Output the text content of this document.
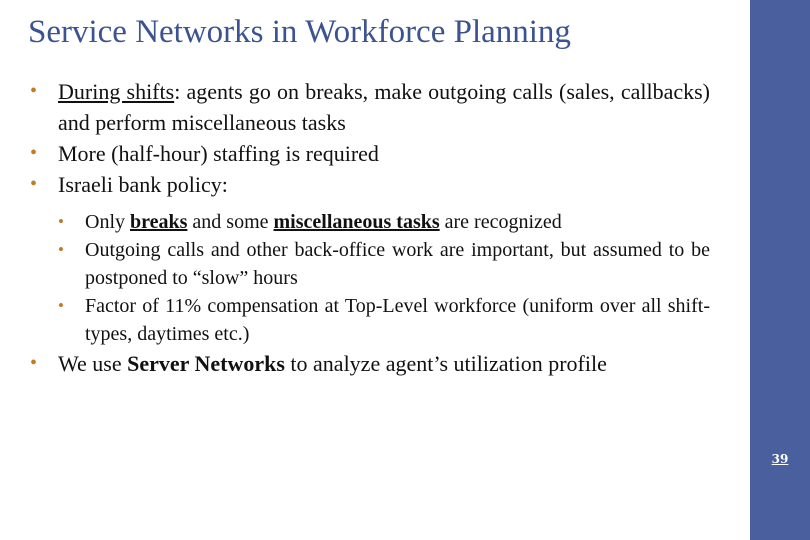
39
Service Networks in Workforce Planning
• During shifts: agents go on breaks, make outgoing calls (sales, callbacks) and perform miscellaneous tasks
• More (half-hour) staffing is required
• Israeli bank policy:
• Only breaks and some miscellaneous tasks are recognized
• Outgoing calls and other back-office work are important, but assumed to be postponed to “slow” hours
• Factor of 11% compensation at Top-Level workforce (uniform over all shift-types, daytimes etc.)
• We use Server Networks to analyze agent’s utilization profile
